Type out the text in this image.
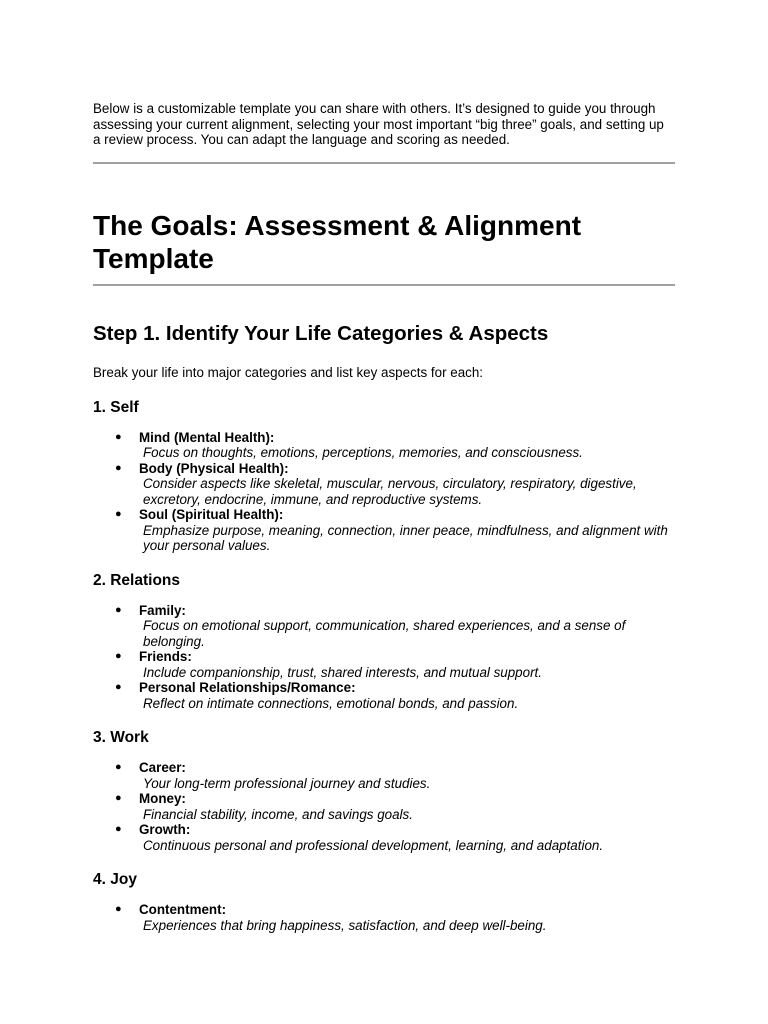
Below is a customizable template you can share with others. It’s designed to guide you through assessing your current alignment, selecting your most important “big three” goals, and setting up a review process. You can adapt the language and scoring as needed.

The Goals: Assessment & Alignment Template
Step 1. Identify Your Life Categories & Aspects

Break your life into major categories and list key aspects for each:

1. Self
● Mind (Mental Health):
Focus on thoughts, emotions, perceptions, memories, and consciousness.
● Body (Physical Health):
Consider aspects like skeletal, muscular, nervous, circulatory, respiratory, digestive, excretory, endocrine, immune, and reproductive systems.
● Soul (Spiritual Health):
Emphasize purpose, meaning, connection, inner peace, mindfulness, and alignment with your personal values.
2. Relations
● Family:
Focus on emotional support, communication, shared experiences, and a sense of belonging.
● Friends:
Include companionship, trust, shared interests, and mutual support.
● Personal Relationships/Romance:
Reflect on intimate connections, emotional bonds, and passion.
3. Work
● Career:
Your long-term professional journey and studies.
● Money:
Financial stability, income, and savings goals.
● Growth:
Continuous personal and professional development, learning, and adaptation.
4. Joy
● Contentment:
Experiences that bring happiness, satisfaction, and deep well-being.
